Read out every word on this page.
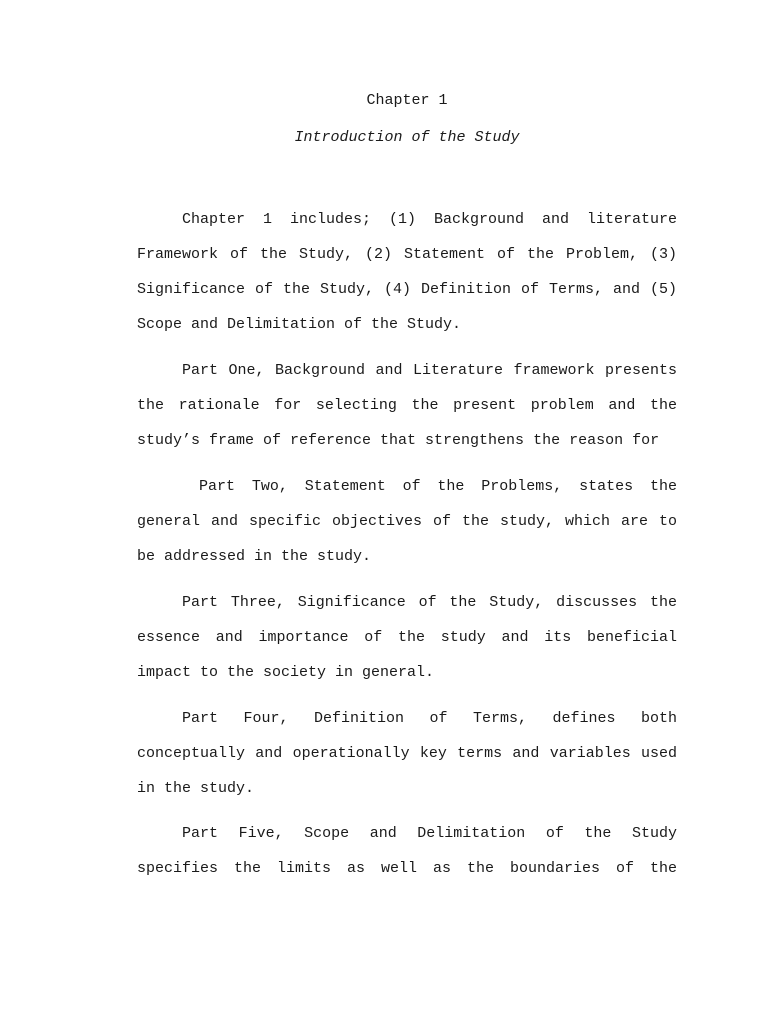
Chapter 1
Introduction of the Study

Chapter 1 includes; (1) Background and literature Framework of the Study, (2) Statement of the Problem, (3) Significance of the Study, (4) Definition of Terms, and (5) Scope and Delimitation of the Study.

Part One, Background and Literature framework presents the rationale for selecting the present problem and the study’s frame of reference that strengthens the reason for

Part Two, Statement of the Problems, states the general and specific objectives of the study, which are to be addressed in the study.

Part Three, Significance of the Study, discusses the essence and importance of the study and its beneficial impact to the society in general.

Part Four, Definition of Terms, defines both conceptually and operationally key terms and variables used in the study.

Part Five, Scope and Delimitation of the Study specifies the limits as well as the boundaries of the
